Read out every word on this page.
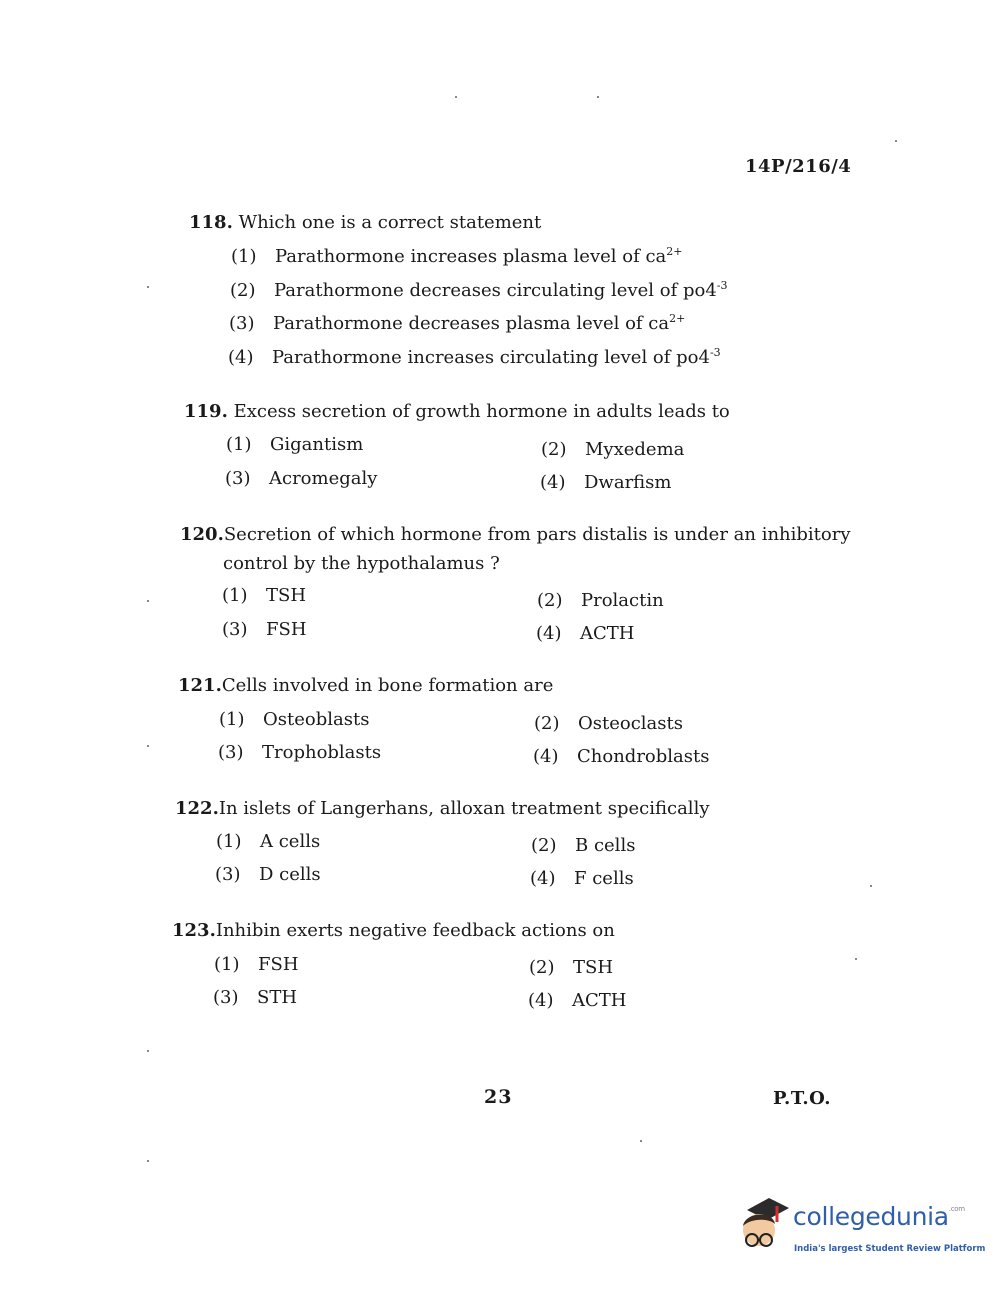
14P/216/4
118. Which one is a correct statement
(1) Parathormone increases plasma level of $ca^{2+}$
(2) Parathormone decreases circulating level of $po4^{-3}$
(3) Parathormone decreases plasma level of $ca^{2+}$
(4) Parathormone increases circulating level of $po4^{-3}$
119. Excess secretion of growth hormone in adults leads to
(1) Gigantism	(2) Myxedema
(3) Acromegaly	(4) Dwarfism
120.Secretion of which hormone from pars distalis is under an inhibitory
control by the hypothalamus ?
(1) TSH	(2) Prolactin
(3) FSH	(4) ACTH
121.Cells involved in bone formation are
(1) Osteoblasts	(2) Osteoclasts
(3) Trophoblasts	(4) Chondroblasts
122.In islets of Langerhans, alloxan treatment specifically
(1) A cells	(2) B cells
(3) D cells	(4) F cells
123.Inhibin exerts negative feedback actions on
(1) FSH	(2) TSH
(3) STH	(4) ACTH
23	P.T.O.
collegedunia$^{.com}$
India's largest Student Review Platform
